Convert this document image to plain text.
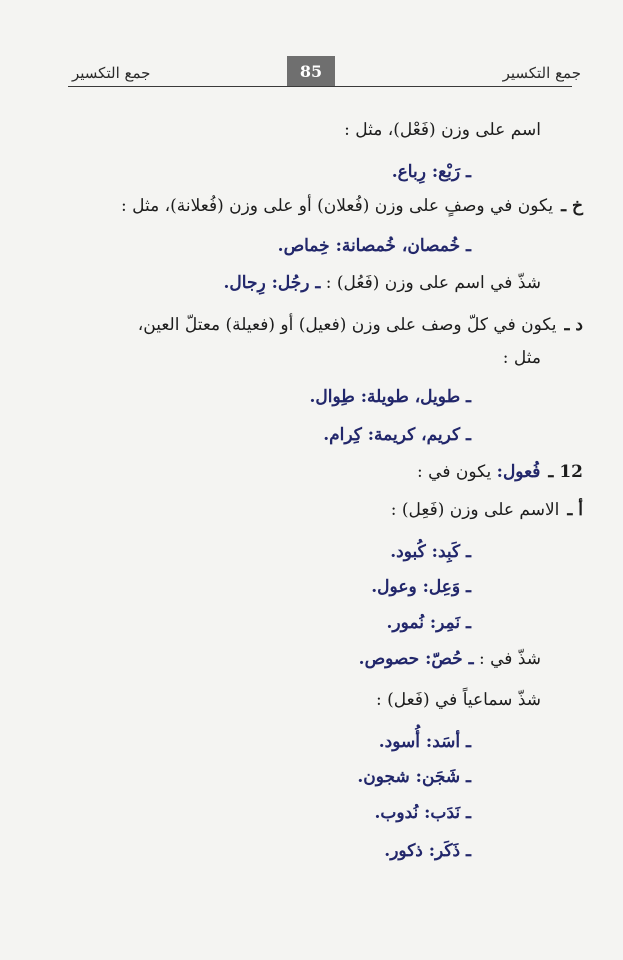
جمع التكسير
85
جمع التكسير
اسم على وزن (فَعْل)، مثل :
ـ رَبْع: رِباع.
خ ـيكون في وصفٍ على وزن (فُعلان) أو على وزن (فُعلانة)، مثل :
ـ خُمصان، خُمصانة: خِماص.
شذّ في اسم على وزن (فَعُل) : ـ رجُل: رِجال.
د ـيكون في كلّ وصف على وزن (فعيل) أو (فعيلة) معتلّ العين،
مثل :
ـ طويل، طويلة: طِوال.
ـ كريم، كريمة: كِرام.
12 ـفُعول: يكون في :
أ ـالاسم على وزن (فَعِل) :
ـ كَبِد: كُبود.
ـ وَعِل: وعول.
ـ نَمِر: نُمور.
شذّ في : ـ حُصّ: حصوص.
شذّ سماعياً في (فَعل) :
ـ أسَد: أُسود.
ـ شَجَن: شجون.
ـ نَدَب: نُدوب.
ـ ذَكَر: ذكور.
